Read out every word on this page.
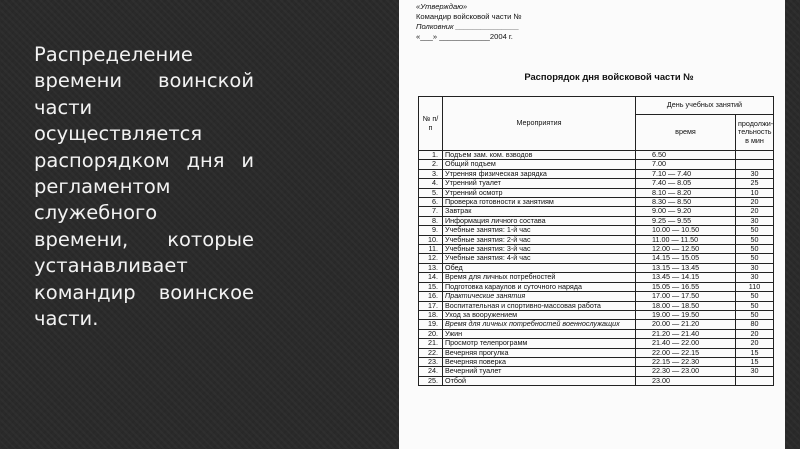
Распределение времени воинской части осуществляется распорядком дня и регламентом служебного времени, которые устанавливает командир воинское части.
«Утверждаю»
Командир войсковой части №
Полковник _______________
«___» ____________2004 г.
Распорядок дня войсковой части №
№ п/п	Мероприятия	День учебных занятий	
		время	продолжи-тельность в мин
1.	Подъем зам. ком. взводов	6.50	
2.	Общий подъем	7.00	
3.	Утренняя физическая зарядка	7.10 — 7.40	30
4.	Утренний туалет	7.40 — 8.05	25
5.	Утренний осмотр	8.10 — 8.20	10
6.	Проверка готовности к занятиям	8.30 — 8.50	20
7.	Завтрак	9.00 — 9.20	20
8.	Информация личного состава	9.25 — 9.55	30
9.	Учебные занятия: 1-й час	10.00 — 10.50	50
10.	Учебные занятия: 2-й час	11.00 — 11.50	50
11.	Учебные занятия: 3-й час	12.00 — 12.50	50
12.	Учебные занятия: 4-й час	14.15 — 15.05	50
13.	Обед	13.15 — 13.45	30
14.	Время для личных потребностей	13.45 — 14.15	30
15.	Подготовка караулов и суточного наряда	15.05 — 16.55	110
16.	Практические занятия	17.00 — 17.50	50
17.	Воспитательная и спортивно-массовая работа	18.00 — 18.50	50
18.	Уход за вооружением	19.00 — 19.50	50
19.	Время для личных потребностей военнослужащих	20.00 — 21.20	80
20.	Ужин	21.20 — 21.40	20
21.	Просмотр телепрограмм	21.40 — 22.00	20
22.	Вечерняя прогулка	22.00 — 22.15	15
23.	Вечерняя поверка	22.15 — 22.30	15
24.	Вечерний туалет	22.30 — 23.00	30
25.	Отбой	23.00	
